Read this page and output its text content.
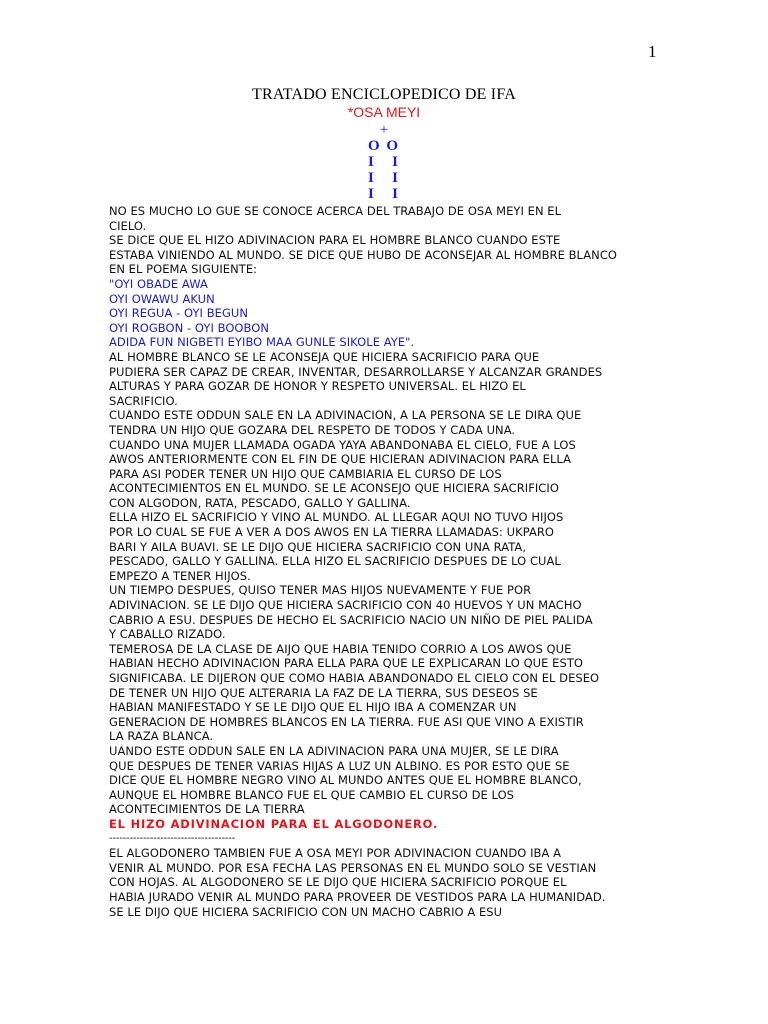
1
TRATADO ENCICLOPEDICO DE IFA
*OSA MEYI
+
O O
I I
I I
I I
NO ES MUCHO LO GUE SE CONOCE ACERCA DEL TRABAJO DE OSA MEYI EN EL
CIELO.
SE DICE QUE EL HIZO ADIVINACION PARA EL HOMBRE BLANCO CUANDO ESTE
ESTABA VINIENDO AL MUNDO. SE DICE QUE HUBO DE ACONSEJAR AL HOMBRE BLANCO
EN EL POEMA SIGUIENTE:
"OYI OBADE AWA
OYI OWAWU AKUN
OYI REGUA - OYI BEGUN
OYI ROGBON - OYI BOOBON
ADIDA FUN NIGBETI EYIBO MAA GUNLE SIKOLE AYE".
AL HOMBRE BLANCO SE LE ACONSEJA QUE HICIERA SACRIFICIO PARA QUE
PUDIERA SER CAPAZ DE CREAR, INVENTAR, DESARROLLARSE Y ALCANZAR GRANDES
ALTURAS Y PARA GOZAR DE HONOR Y RESPETO UNIVERSAL. EL HIZO EL
SACRIFICIO.
CUANDO ESTE ODDUN SALE EN LA ADIVINACION, A LA PERSONA SE LE DIRA QUE
TENDRA UN HIJO QUE GOZARA DEL RESPETO DE TODOS Y CADA UNA.
CUANDO UNA MUJER LLAMADA OGADA YAYA ABANDONABA EL CIELO, FUE A LOS
AWOS ANTERIORMENTE CON EL FIN DE QUE HICIERAN ADIVINACION PARA ELLA
PARA ASI PODER TENER UN HIJO QUE CAMBIARIA EL CURSO DE LOS
ACONTECIMIENTOS EN EL MUNDO. SE LE ACONSEJO QUE HICIERA SACRIFICIO
CON ALGODON, RATA, PESCADO, GALLO Y GALLINA.
ELLA HIZO EL SACRIFICIO Y VINO AL MUNDO. AL LLEGAR AQUI NO TUVO HIJOS
POR LO CUAL SE FUE A VER A DOS AWOS EN LA TIERRA LLAMADAS: UKPARO
BARI Y AILA BUAVI. SE LE DIJO QUE HICIERA SACRIFICIO CON UNA RATA,
PESCADO, GALLO Y GALLINA. ELLA HIZO EL SACRIFICIO DESPUES DE LO CUAL
EMPEZO A TENER HIJOS.
UN TIEMPO DESPUES, QUISO TENER MAS HIJOS NUEVAMENTE Y FUE POR
ADIVINACION. SE LE DIJO QUE HICIERA SACRIFICIO CON 40 HUEVOS Y UN MACHO
CABRIO A ESU. DESPUES DE HECHO EL SACRIFICIO NACIO UN NIÑO DE PIEL PALIDA
Y CABALLO RIZADO.
TEMEROSA DE LA CLASE DE AIJO QUE HABIA TENIDO CORRIO A LOS AWOS QUE
HABIAN HECHO ADIVINACION PARA ELLA PARA QUE LE EXPLICARAN LO QUE ESTO
SIGNIFICABA. LE DIJERON QUE COMO HABIA ABANDONADO EL CIELO CON EL DESEO
DE TENER UN HIJO QUE ALTERARIA LA FAZ DE LA TIERRA, SUS DESEOS SE
HABIAN MANIFESTADO Y SE LE DIJO QUE EL HIJO IBA A COMENZAR UN
GENERACION DE HOMBRES BLANCOS EN LA TIERRA. FUE ASI QUE VINO A EXISTIR
LA RAZA BLANCA.
UANDO ESTE ODDUN SALE EN LA ADIVINACION PARA UNA MUJER, SE LE DIRA
QUE DESPUES DE TENER VARIAS HIJAS A LUZ UN ALBINO. ES POR ESTO QUE SE
DICE QUE EL HOMBRE NEGRO VINO AL MUNDO ANTES QUE EL HOMBRE BLANCO,
AUNQUE EL HOMBRE BLANCO FUE EL QUE CAMBIO EL CURSO DE LOS
ACONTECIMIENTOS DE LA TIERRA
EL HIZO ADIVINACION PARA EL ALGODONERO.
-------------------------------------
EL ALGODONERO TAMBIEN FUE A OSA MEYI POR ADIVINACION CUANDO IBA A
VENIR AL MUNDO. POR ESA FECHA LAS PERSONAS EN EL MUNDO SOLO SE VESTIAN
CON HOJAS. AL ALGODONERO SE LE DIJO QUE HICIERA SACRIFICIO PORQUE EL
HABIA JURADO VENIR AL MUNDO PARA PROVEER DE VESTIDOS PARA LA HUMANIDAD.
SE LE DIJO QUE HICIERA SACRIFICIO CON UN MACHO CABRIO A ESU
